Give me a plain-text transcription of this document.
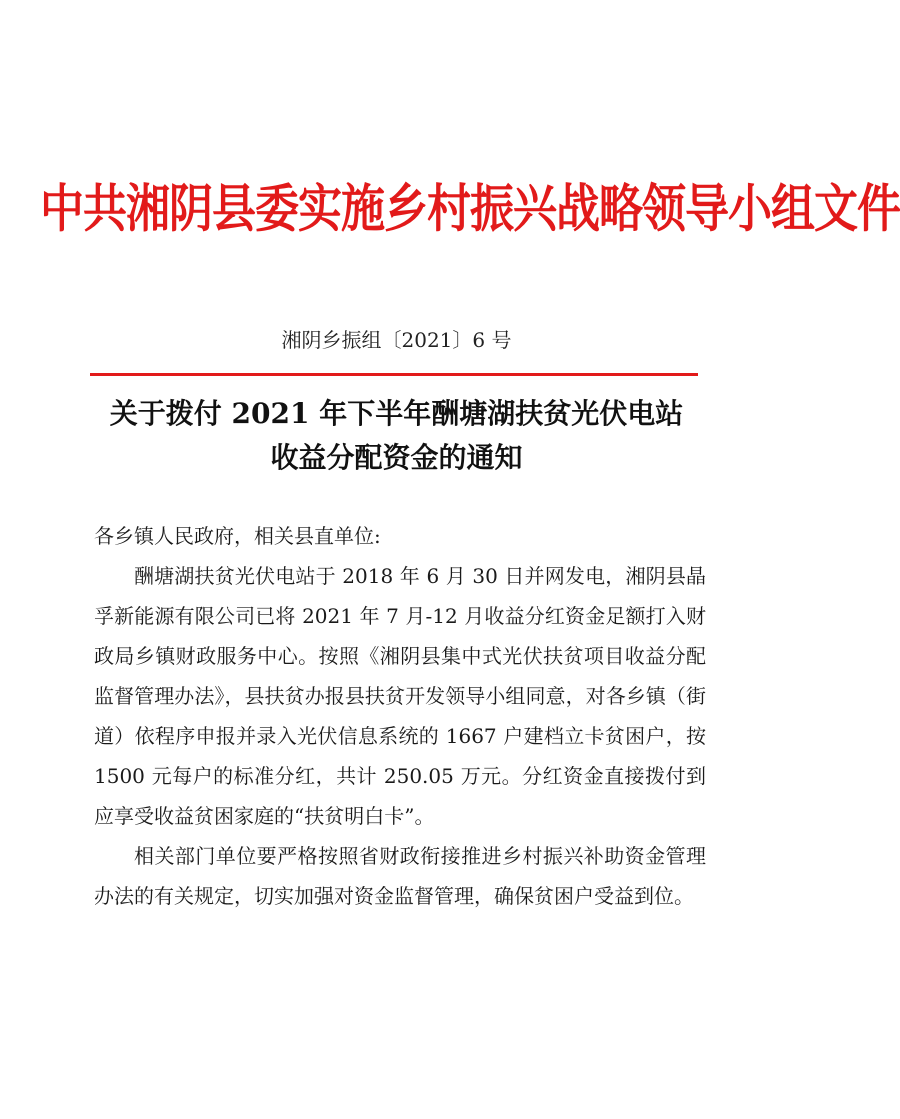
中共湘阴县委实施乡村振兴战略领导小组文件
湘阴乡振组〔2021〕6 号
关于拨付 2021 年下半年酬塘湖扶贫光伏电站
收益分配资金的通知

各乡镇人民政府，相关县直单位:

酬塘湖扶贫光伏电站于 2018 年 6 月 30 日并网发电，湘阴县晶孚新能源有限公司已将 2021 年 7 月-12 月收益分红资金足额打入财政局乡镇财政服务中心。按照《湘阴县集中式光伏扶贫项目收益分配监督管理办法》，县扶贫办报县扶贫开发领导小组同意，对各乡镇（街道）依程序申报并录入光伏信息系统的 1667 户建档立卡贫困户，按 1500 元每户的标准分红，共计 250.05 万元。分红资金直接拨付到应享受收益贫困家庭的“扶贫明白卡”。

相关部门单位要严格按照省财政衔接推进乡村振兴补助资金管理办法的有关规定，切实加强对资金监督管理，确保贫困户受益到位。
